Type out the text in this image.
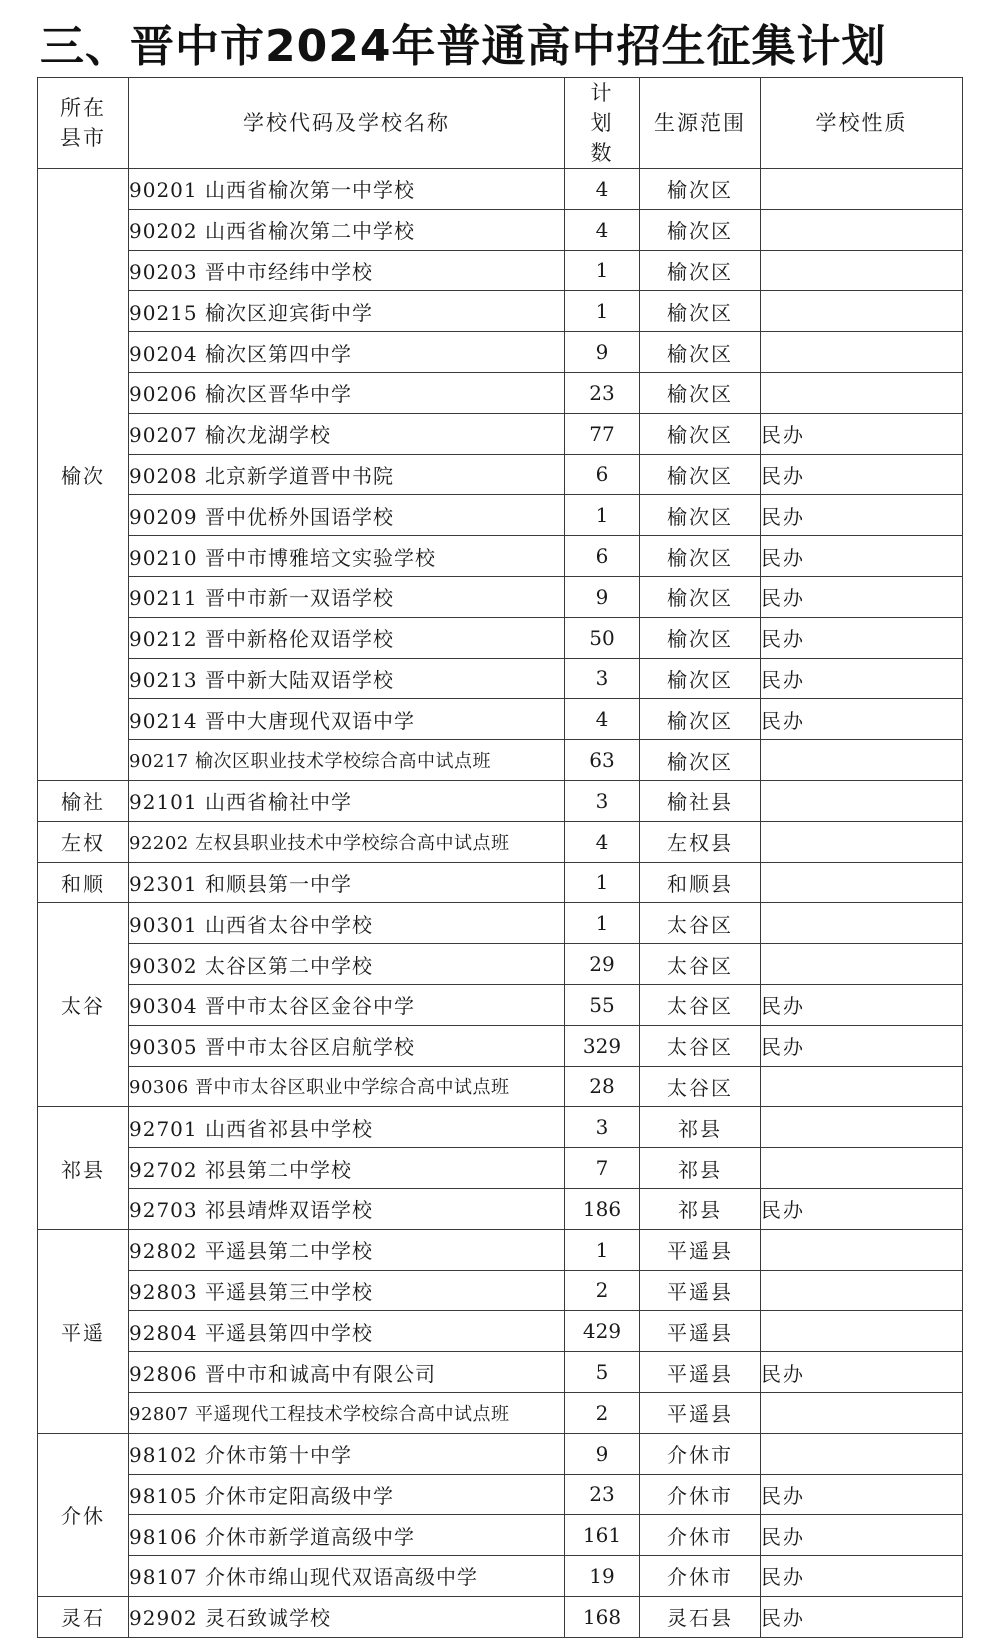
三、晋中市2024年普通高中招生征集计划
所在县市	学校代码及学校名称	计划数	生源范围	学校性质
榆次	90201 山西省榆次第一中学校	4	榆次区	
	90202 山西省榆次第二中学校	4	榆次区	
	90203 晋中市经纬中学校	1	榆次区	
	90215 榆次区迎宾街中学	1	榆次区	
	90204 榆次区第四中学	9	榆次区	
	90206 榆次区晋华中学	23	榆次区	
	90207 榆次龙湖学校	77	榆次区	民办
	90208 北京新学道晋中书院	6	榆次区	民办
	90209 晋中优桥外国语学校	1	榆次区	民办
	90210 晋中市博雅培文实验学校	6	榆次区	民办
	90211 晋中市新一双语学校	9	榆次区	民办
	90212 晋中新格伦双语学校	50	榆次区	民办
	90213 晋中新大陆双语学校	3	榆次区	民办
	90214 晋中大唐现代双语中学	4	榆次区	民办
	90217 榆次区职业技术学校综合高中试点班	63	榆次区	
榆社	92101 山西省榆社中学	3	榆社县	
左权	92202 左权县职业技术中学校综合高中试点班	4	左权县	
和顺	92301 和顺县第一中学	1	和顺县	
太谷	90301 山西省太谷中学校	1	太谷区	
	90302 太谷区第二中学校	29	太谷区	
	90304 晋中市太谷区金谷中学	55	太谷区	民办
	90305 晋中市太谷区启航学校	329	太谷区	民办
	90306 晋中市太谷区职业中学综合高中试点班	28	太谷区	
祁县	92701 山西省祁县中学校	3	祁县	
	92702 祁县第二中学校	7	祁县	
	92703 祁县靖烨双语学校	186	祁县	民办
平遥	92802 平遥县第二中学校	1	平遥县	
	92803 平遥县第三中学校	2	平遥县	
	92804 平遥县第四中学校	429	平遥县	
	92806 晋中市和诚高中有限公司	5	平遥县	民办
	92807 平遥现代工程技术学校综合高中试点班	2	平遥县	
介休	98102 介休市第十中学	9	介休市	
	98105 介休市定阳高级中学	23	介休市	民办
	98106 介休市新学道高级中学	161	介休市	民办
	98107 介休市绵山现代双语高级中学	19	介休市	民办
灵石	92902 灵石致诚学校	168	灵石县	民办
